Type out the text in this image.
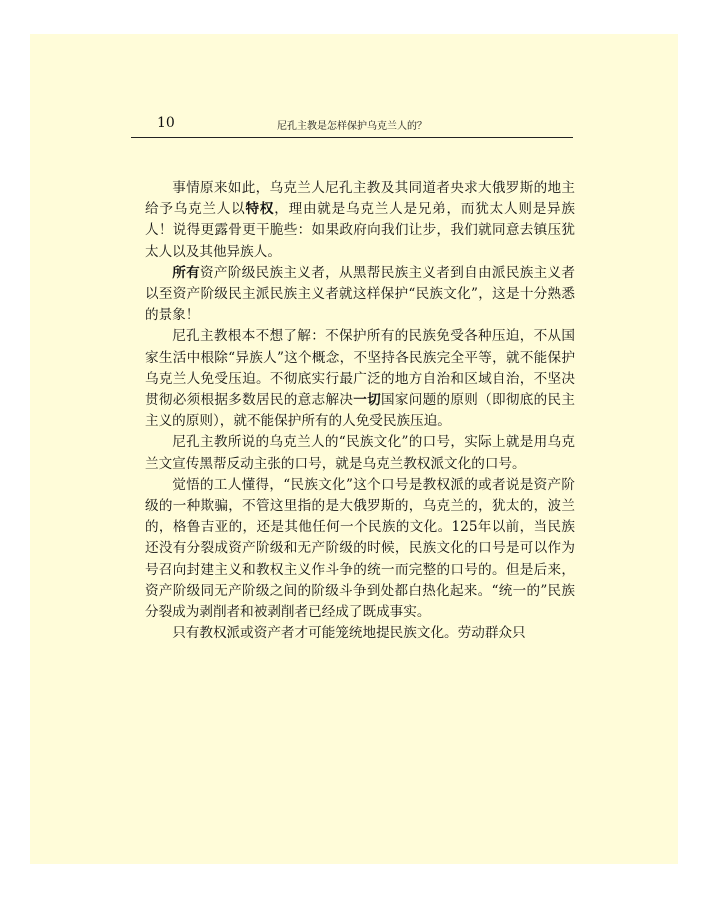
10	尼孔主教是怎样保护乌克兰人的？

事情原来如此，乌克兰人尼孔主教及其同道者央求大俄罗斯的地主给予乌克兰人以特权，理由就是乌克兰人是兄弟，而犹太人则是异族人！说得更露骨更干脆些：如果政府向我们让步，我们就同意去镇压犹太人以及其他异族人。

所有资产阶级民族主义者，从黑帮民族主义者到自由派民族主义者以至资产阶级民主派民族主义者就这样保护“民族文化”，这是十分熟悉的景象！

尼孔主教根本不想了解：不保护所有的民族免受各种压迫，不从国家生活中根除“异族人”这个概念，不坚持各民族完全平等，就不能保护乌克兰人免受压迫。不彻底实行最广泛的地方自治和区域自治，不坚决贯彻必须根据多数居民的意志解决一切国家问题的原则（即彻底的民主主义的原则），就不能保护所有的人免受民族压迫。

尼孔主教所说的乌克兰人的“民族文化”的口号，实际上就是用乌克兰文宣传黑帮反动主张的口号，就是乌克兰教权派文化的口号。

觉悟的工人懂得，“民族文化”这个口号是教权派的或者说是资产阶级的一种欺骗，不管这里指的是大俄罗斯的，乌克兰的，犹太的，波兰的，格鲁吉亚的，还是其他任何一个民族的文化。125年以前，当民族还没有分裂成资产阶级和无产阶级的时候，民族文化的口号是可以作为号召向封建主义和教权主义作斗争的统一而完整的口号的。但是后来，资产阶级同无产阶级之间的阶级斗争到处都白热化起来。“统一的”民族分裂成为剥削者和被剥削者已经成了既成事实。

只有教权派或资产者才可能笼统地提民族文化。劳动群众只
